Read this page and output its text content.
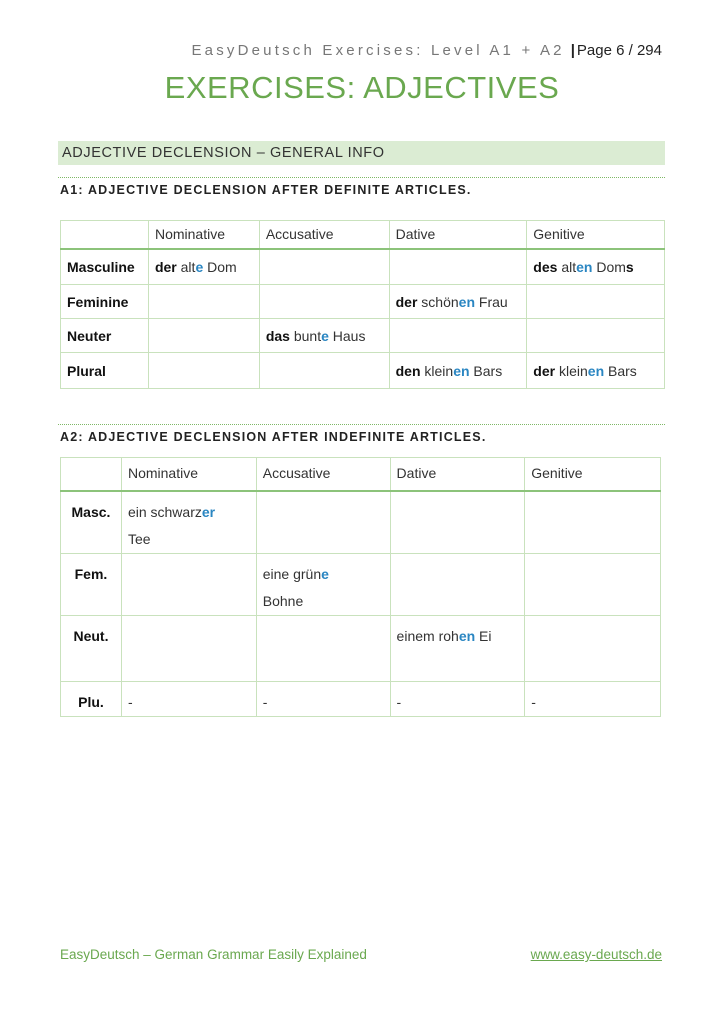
EasyDeutsch Exercises: Level A1 + A2 | Page 6 / 294
EXERCISES: ADJECTIVES
ADJECTIVE DECLENSION – GENERAL INFO
A1: ADJECTIVE DECLENSION AFTER DEFINITE ARTICLES.
	Nominative	Accusative	Dative	Genitive
Masculine	der alte Dom			des alten Doms
Feminine			der schönen Frau	
Neuter		das bunte Haus		
Plural			den kleinen Bars	der kleinen Bars
A2: ADJECTIVE DECLENSION AFTER INDEFINITE ARTICLES.
	Nominative	Accusative	Dative	Genitive
Masc.	ein schwarzer
Tee			
Fem.		eine grüne
Bohne		
Neut.			einem rohen Ei	
Plu.	-	-	-	-
EasyDeutsch – German Grammar Easily Explained	www.easy-deutsch.de
